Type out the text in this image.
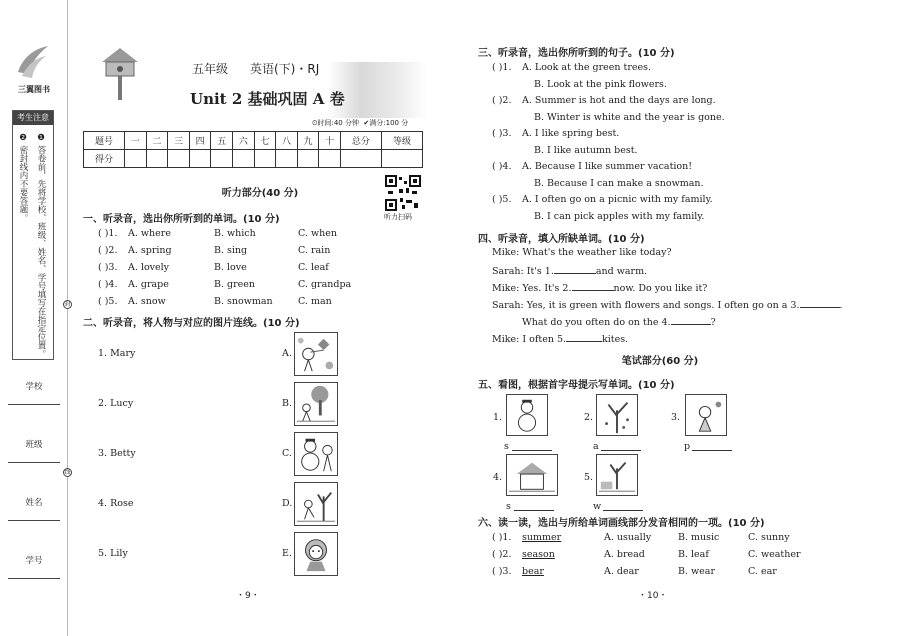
三翼图书
考生注意
❶ 答卷前，先将学校、班级、姓名、学号填写在指定位置。
❷ 密封线内不要答题。
学校
班级
姓名
学号
封
线
五年级 英语(下)・RJ
Unit 2 基础巩固 A 卷
⏲时间:40 分钟 ✔满分:100 分
题号	一	二	三	四	五	六	七	八	九	十	总分	等级
得分												
听力部分(40 分)
听力扫码
一、听录音，选出你所听到的单词。(10 分)
( )1. A. where	B. which	C. when
( )2. A. spring	B. sing	C. rain
( )3. A. lovely	B. love	C. leaf
( )4. A. grape	B. green	C. grandpa
( )5. A. snow	B. snowman	C. man
二、听录音，将人物与对应的图片连线。(10 分)
1. Mary
2. Lucy
3. Betty
4. Rose
5. Lily
A.
B.
C.
D.
E.
・9・
三、听录音，选出你所听到的句子。(10 分)
( )1. A. Look at the green trees.
B. Look at the pink flowers.
( )2. A. Summer is hot and the days are long.
B. Winter is white and the year is gone.
( )3. A. I like spring best.
B. I like autumn best.
( )4. A. Because I like summer vacation!
B. Because I can make a snowman.
( )5. A. I often go on a picnic with my family.
B. I can pick apples with my family.
四、听录音，填入所缺单词。(10 分)
Mike: What's the weather like today?
Sarah: It's 1.	and warm.
Mike: Yes. It's 2.	now. Do you like it?
Sarah: Yes, it is green with flowers and songs. I often go on a 3.	.
What do you often do on the 4.	?
Mike: I often 5.	kites.
笔试部分(60 分)
五、看图，根据首字母提示写单词。(10 分)
1.
s
2.
a
3.
p
4.
s
5.
w
六、读一读，选出与所给单词画线部分发音相同的一项。(10 分)
( )1. summer	A. usually	B. music	C. sunny
( )2. season	A. bread	B. leaf	C. weather
( )3. bear	A. dear	B. wear	C. ear
・10・
